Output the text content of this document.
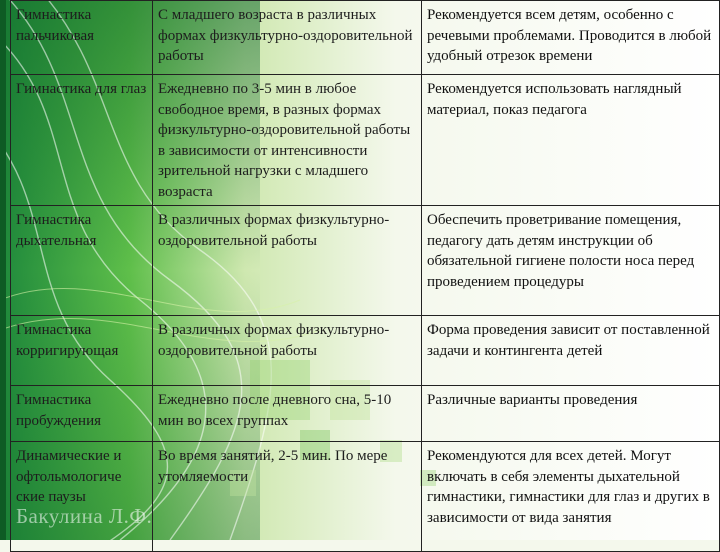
Гимнастика пальчиковая	С младшего возраста в различных формах физкультурно-оздоровительной работы	Рекомендуется всем детям, особенно с речевыми проблемами. Проводится в любой удобный отрезок времени
Гимнастика для глаз	Ежедневно по 3-5 мин в любое свободное время, в разных формах физкультурно-оздоровительной работы в зависимости от интенсивности зрительной нагрузки с младшего возраста	Рекомендуется использовать наглядный материал, показ педагога
Гимнастика дыхательная	В различных формах физкультурно-оздоровительной работы	Обеспечить проветривание помещения, педагогу дать детям инструкции об обязательной гигиене полости носа перед проведением процедуры
Гимнастика корригирующая	В различных формах физкультурно-оздоровительной работы	Форма проведения зависит от поставленной задачи и контингента детей
Гимнастика пробуждения	Ежедневно после дневного сна, 5-10 мин во всех группах	Различные варианты проведения
Динамические и офтольмологиче ские паузы	Во время занятий, 2-5 мин. По мере утомляемости	Рекомендуются для всех детей. Могут включать в себя элементы дыхательной гимнастики, гимнастики для глаз и других в зависимости от вида занятия
Бакулина Л.Ф.
